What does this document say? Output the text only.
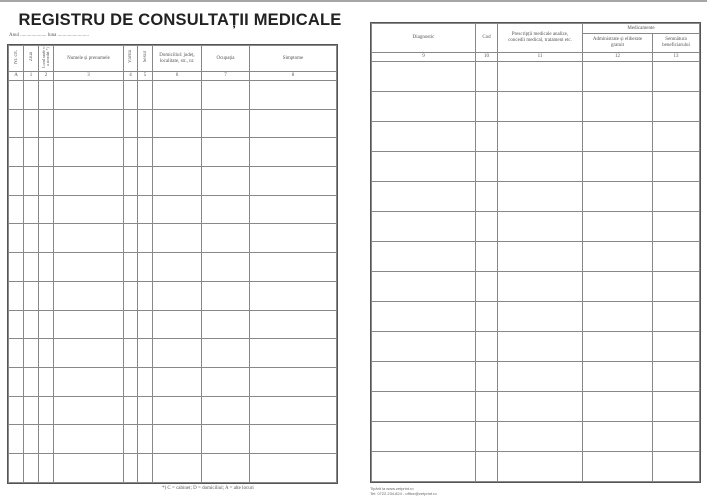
REGISTRU DE CONSULTAȚII MEDICALE
Anul ..................... luna .........................
Nr. crt.	Ziua	Locul unde s-a acordat *)	Numele și prenumele	Vârsta	Sexul	Domiciliul: județ, localitate, str., nr.	Ocupația	Simptome
A	1	2	3	4	5	6	7	8

Diagnostic	Cod	Prescripții medicale analize, concedii medical, tratament etc.	Medicamente	
			Administrate și eliberate gratuit	Semnătura beneficiarului
9	10	11	12	13

*) C = cabinet; D = domiciliul; A = alte locuri	Tipărit la www.zetprint.ro
Tel: 0722.234.824 - office@zetprint.ro
